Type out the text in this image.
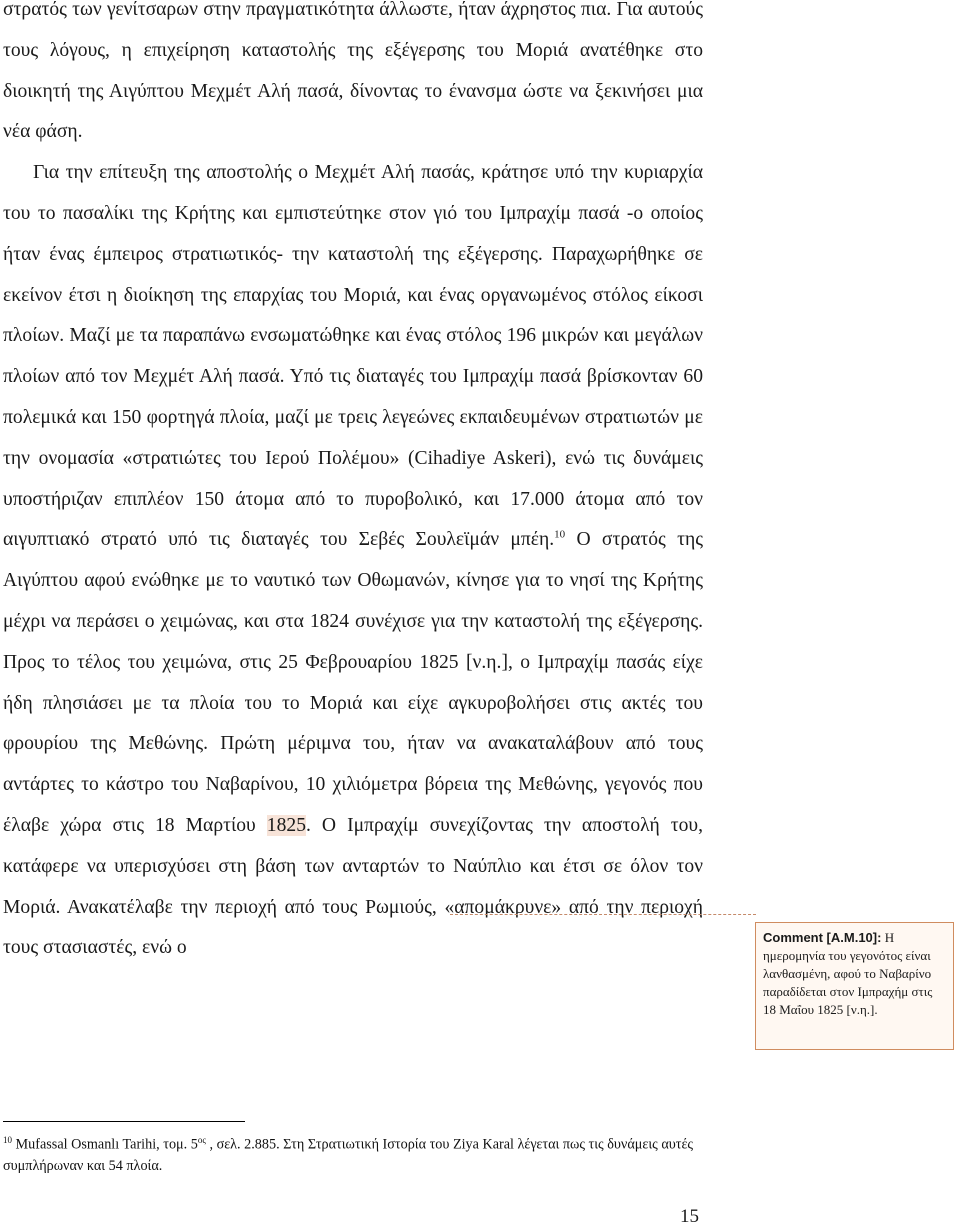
στρατός των γενίτσαρων στην πραγματικότητα άλλωστε, ήταν άχρηστος πια. Για αυτούς τους λόγους, η επιχείρηση καταστολής της εξέγερσης του Μοριά ανατέθηκε στο διοικητή της Αιγύπτου Μεχμέτ Αλή πασά, δίνοντας το ένανσμα ώστε να ξεκινήσει μια νέα φάση.

Για την επίτευξη της αποστολής ο Μεχμέτ Αλή πασάς, κράτησε υπό την κυριαρχία του το πασαλίκι της Κρήτης και εμπιστεύτηκε στον γιό του Ιμπραχίμ πασά -ο οποίος ήταν ένας έμπειρος στρατιωτικός- την καταστολή της εξέγερσης. Παραχωρήθηκε σε εκείνον έτσι η διοίκηση της επαρχίας του Μοριά, και ένας οργανωμένος στόλος είκοσι πλοίων. Μαζί με τα παραπάνω ενσωματώθηκε και ένας στόλος 196 μικρών και μεγάλων πλοίων από τον Μεχμέτ Αλή πασά. Υπό τις διαταγές του Ιμπραχίμ πασά βρίσκονταν 60 πολεμικά και 150 φορτηγά πλοία, μαζί με τρεις λεγεώνες εκπαιδευμένων στρατιωτών με την ονομασία «στρατιώτες του Ιερού Πολέμου» (Cihadiye Askeri), ενώ τις δυνάμεις υποστήριζαν επιπλέον 150 άτομα από το πυροβολικό, και 17.000 άτομα από τον αιγυπτιακό στρατό υπό τις διαταγές του Σεβές Σουλεϊμάν μπέη.$^{10}$ Ο στρατός της Αιγύπτου αφού ενώθηκε με το ναυτικό των Οθωμανών, κίνησε για το νησί της Κρήτης μέχρι να περάσει ο χειμώνας, και στα 1824 συνέχισε για την καταστολή της εξέγερσης. Προς το τέλος του χειμώνα, στις 25 Φεβρουαρίου 1825 [ν.η.], ο Ιμπραχίμ πασάς είχε ήδη πλησιάσει με τα πλοία του το Μοριά και είχε αγκυροβολήσει στις ακτές του φρουρίου της Μεθώνης. Πρώτη μέριμνα του, ήταν να ανακαταλάβουν από τους αντάρτες το κάστρο του Ναβαρίνου, 10 χιλιόμετρα βόρεια της Μεθώνης, γεγονός που έλαβε χώρα στις 18 Μαρτίου 1825. Ο Ιμπραχίμ συνεχίζοντας την αποστολή του, κατάφερε να υπερισχύσει στη βάση των ανταρτών το Ναύπλιο και έτσι σε όλον τον Μοριά. Ανακατέλαβε την περιοχή από τους Ρωμιούς, «απομάκρυνε» από την περιοχή τους στασιαστές, ενώ ο	Comment [A.M.10]: Η ημερομηνία του γεγονότος είναι λανθασμένη, αφού το Ναβαρίνο παραδίδεται στον Ιμπραχήμ στις 18 Μαΐου 1825 [ν.η.].
$^{10}$ Mufassal Osmanlı Tarihi, τομ. $5^{o\varsigma}$ , σελ. 2.885. Στη Στρατιωτική Ιστορία του Ziya Karal λέγεται πως τις δυνάμεις αυτές συμπλήρωναν και 54 πλοία.
15
